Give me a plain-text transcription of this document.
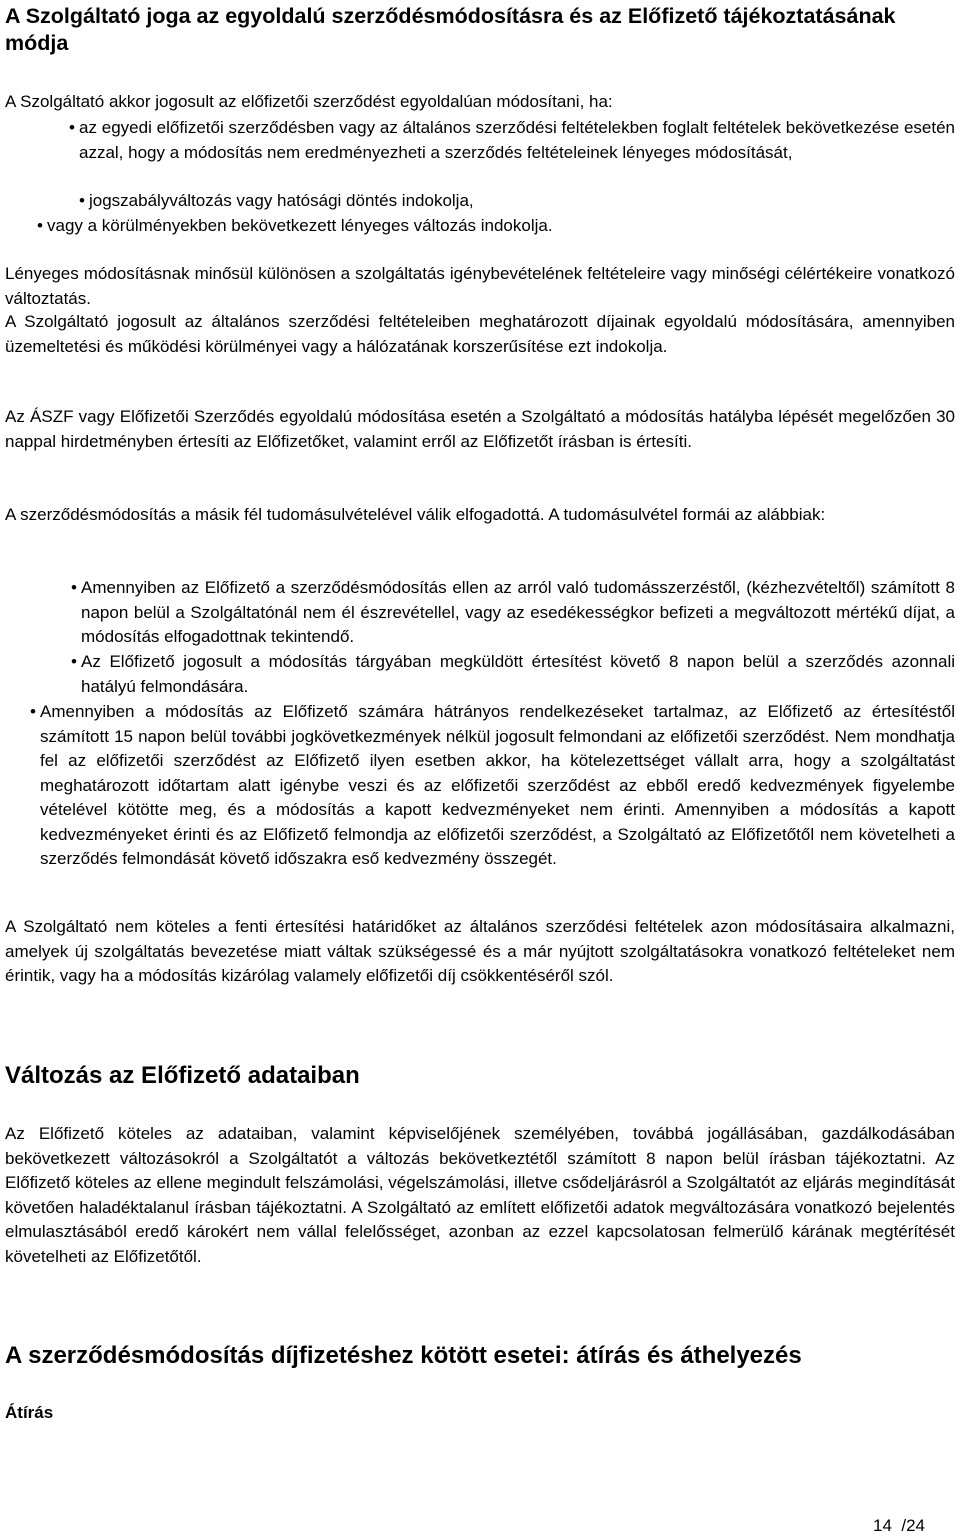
A Szolgáltató joga az egyoldalú szerződésmódosításra és az Előfizető tájékoztatásának módja

A Szolgáltató akkor jogosult az előfizetői szerződést egyoldalúan módosítani, ha:

• az egyedi előfizetői szerződésben vagy az általános szerződési feltételekben foglalt feltételek bekövetkezése esetén azzal, hogy a módosítás nem eredményezheti a szerződés feltételeinek lényeges módosítását,

• jogszabályváltozás vagy hatósági döntés indokolja,

• vagy a körülményekben bekövetkezett lényeges változás indokolja.

Lényeges módosításnak minősül különösen a szolgáltatás igénybevételének feltételeire vagy minőségi célértékeire vonatkozó változtatás.

A Szolgáltató jogosult az általános szerződési feltételeiben meghatározott díjainak egyoldalú módosítására, amennyiben üzemeltetési és működési körülményei vagy a hálózatának korszerűsítése ezt indokolja.

Az ÁSZF vagy Előfizetői Szerződés egyoldalú módosítása esetén a Szolgáltató a módosítás hatályba lépését megelőzően 30 nappal hirdetményben értesíti az Előfizetőket, valamint erről az Előfizetőt írásban is értesíti.

A szerződésmódosítás a másik fél tudomásulvételével válik elfogadottá. A tudomásulvétel formái az alábbiak:

• Amennyiben az Előfizető a szerződésmódosítás ellen az arról való tudomásszerzéstől, (kézhezvételtől) számított 8 napon belül a Szolgáltatónál nem él észrevétellel, vagy az esedékességkor befizeti a megváltozott mértékű díjat, a módosítás elfogadottnak tekintendő.

• Az Előfizető jogosult a módosítás tárgyában megküldött értesítést követő 8 napon belül a szerződés azonnali hatályú felmondására.

• Amennyiben a módosítás az Előfizető számára hátrányos rendelkezéseket tartalmaz, az Előfizető az értesítéstől számított 15 napon belül további jogkövetkezmények nélkül jogosult felmondani az előfizetői szerződést. Nem mondhatja fel az előfizetői szerződést az Előfizető ilyen esetben akkor, ha kötelezettséget vállalt arra, hogy a szolgáltatást meghatározott időtartam alatt igénybe veszi és az előfizetői szerződést az ebből eredő kedvezmények figyelembe vételével kötötte meg, és a módosítás a kapott kedvezményeket nem érinti. Amennyiben a módosítás a kapott kedvezményeket érinti és az Előfizető felmondja az előfizetői szerződést, a Szolgáltató az Előfizetőtől nem követelheti a szerződés felmondását követő időszakra eső kedvezmény összegét.

A Szolgáltató nem köteles a fenti értesítési határidőket az általános szerződési feltételek azon módosításaira alkalmazni, amelyek új szolgáltatás bevezetése miatt váltak szükségessé és a már nyújtott szolgáltatásokra vonatkozó feltételeket nem érintik, vagy ha a módosítás kizárólag valamely előfizetői díj csökkentéséről szól.

Változás az Előfizető adataiban

Az Előfizető köteles az adataiban, valamint képviselőjének személyében, továbbá jogállásában, gazdálkodásában bekövetkezett változásokról a Szolgáltatót a változás bekövetkeztétől számított 8 napon belül írásban tájékoztatni. Az Előfizető köteles az ellene megindult felszámolási, végelszámolási, illetve csődeljárásról a Szolgáltatót az eljárás megindítását követően haladéktalanul írásban tájékoztatni. A Szolgáltató az említett előfizetői adatok megváltozására vonatkozó bejelentés elmulasztásából eredő károkért nem vállal felelősséget, azonban az ezzel kapcsolatosan felmerülő kárának megtérítését követelheti az Előfizetőtől.

A szerződésmódosítás díjfizetéshez kötött esetei: átírás és áthelyezés
Átírás
14 /24
